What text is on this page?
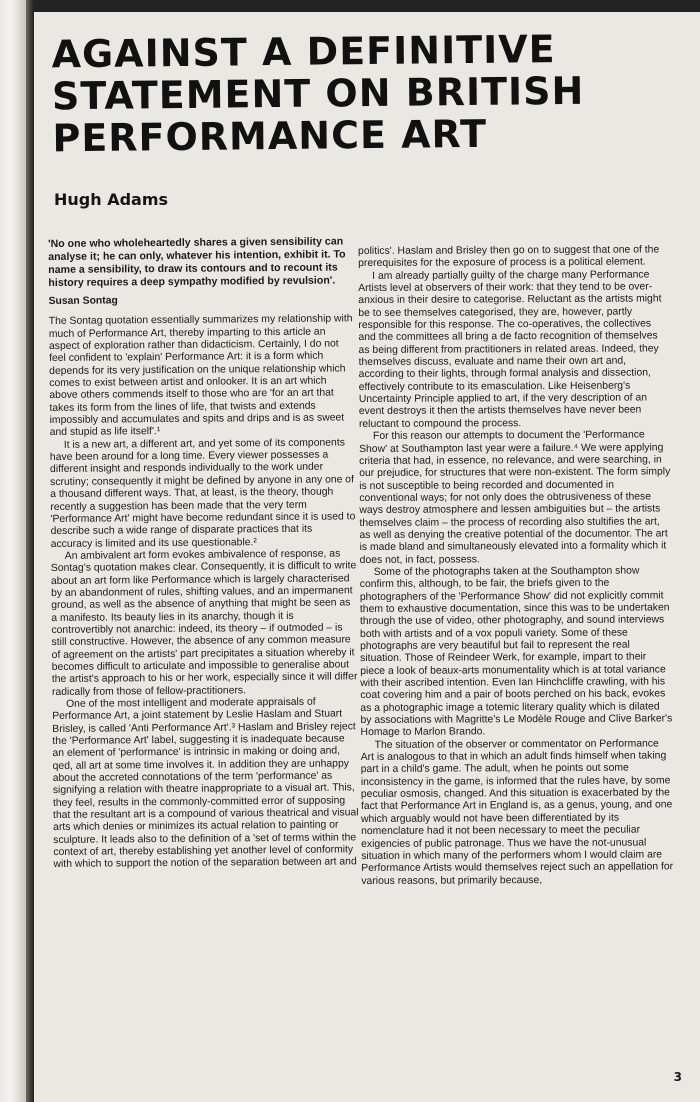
AGAINST A DEFINITIVE
STATEMENT ON BRITISH
PERFORMANCE ART
Hugh Adams

'No one who wholeheartedly shares a given sensibility can analyse it; he can only, whatever his intention, exhibit it. To name a sensibility, to draw its contours and to recount its history requires a deep sympathy modified by revulsion'.

Susan Sontag

The Sontag quotation essentially summarizes my relationship with much of Performance Art, thereby imparting to this article an aspect of exploration rather than didacticism. Certainly, I do not feel confident to 'explain' Performance Art: it is a form which depends for its very justification on the unique relationship which comes to exist between artist and onlooker. It is an art which above others commends itself to those who are 'for an art that takes its form from the lines of life, that twists and extends impossibly and accumulates and spits and drips and is as sweet and stupid as life itself'.¹

It is a new art, a different art, and yet some of its components have been around for a long time. Every viewer possesses a different insight and responds individually to the work under scrutiny; consequently it might be defined by anyone in any one of a thousand different ways. That, at least, is the theory, though recently a suggestion has been made that the very term 'Performance Art' might have become redundant since it is used to describe such a wide range of disparate practices that its accuracy is limited and its use questionable.²

An ambivalent art form evokes ambivalence of response, as Sontag's quotation makes clear. Consequently, it is difficult to write about an art form like Performance which is largely characterised by an abandonment of rules, shifting values, and an impermanent ground, as well as the absence of anything that might be seen as a manifesto. Its beauty lies in its anarchy, though it is controvertibly not anarchic: indeed, its theory – if outmoded – is still constructive. However, the absence of any common measure of agreement on the artists' part precipitates a situation whereby it becomes difficult to articulate and impossible to generalise about the artist's approach to his or her work, especially since it will differ radically from those of fellow-practitioners.

One of the most intelligent and moderate appraisals of Performance Art, a joint statement by Leslie Haslam and Stuart Brisley, is called 'Anti Performance Art'.³ Haslam and Brisley reject the 'Performance Art' label, suggesting it is inadequate because an element of 'performance' is intrinsic in making or doing and, qed, all art at some time involves it. In addition they are unhappy about the accreted connotations of the term 'performance' as signifying a relation with theatre inappropriate to a visual art. This, they feel, results in the commonly-committed error of supposing that the resultant art is a compound of various theatrical and visual arts which denies or minimizes its actual relation to painting or sculpture. It leads also to the definition of a 'set of terms within the context of art, thereby establishing yet another level of conformity with which to support the notion of the separation between art and

politics'. Haslam and Brisley then go on to suggest that one of the prerequisites for the exposure of process is a political element.

I am already partially guilty of the charge many Performance Artists level at observers of their work: that they tend to be over-anxious in their desire to categorise. Reluctant as the artists might be to see themselves categorised, they are, however, partly responsible for this response. The co-operatives, the collectives and the committees all bring a de facto recognition of themselves as being different from practitioners in related areas. Indeed, they themselves discuss, evaluate and name their own art and, according to their lights, through formal analysis and dissection, effectively contribute to its emasculation. Like Heisenberg's Uncertainty Principle applied to art, if the very description of an event destroys it then the artists themselves have never been reluctant to compound the process.

For this reason our attempts to document the 'Performance Show' at Southampton last year were a failure.⁴ We were applying criteria that had, in essence, no relevance, and were searching, in our prejudice, for structures that were non-existent. The form simply is not susceptible to being recorded and documented in conventional ways; for not only does the obtrusiveness of these ways destroy atmosphere and lessen ambiguities but – the artists themselves claim – the process of recording also stultifies the art, as well as denying the creative potential of the documentor. The art is made bland and simultaneously elevated into a formality which it does not, in fact, possess.

Some of the photographs taken at the Southampton show confirm this, although, to be fair, the briefs given to the photographers of the 'Performance Show' did not explicitly commit them to exhaustive documentation, since this was to be undertaken through the use of video, other photography, and sound interviews both with artists and of a vox populi variety. Some of these photographs are very beautiful but fail to represent the real situation. Those of Reindeer Werk, for example, impart to their piece a look of beaux-arts monumentality which is at total variance with their ascribed intention. Even Ian Hinchcliffe crawling, with his coat covering him and a pair of boots perched on his back, evokes as a photographic image a totemic literary quality which is dilated by associations with Magritte's Le Modèle Rouge and Clive Barker's Homage to Marlon Brando.

The situation of the observer or commentator on Performance Art is analogous to that in which an adult finds himself when taking part in a child's game. The adult, when he points out some inconsistency in the game, is informed that the rules have, by some peculiar osmosis, changed. And this situation is exacerbated by the fact that Performance Art in England is, as a genus, young, and one which arguably would not have been differentiated by its nomenclature had it not been necessary to meet the peculiar exigencies of public patronage. Thus we have the not-unusual situation in which many of the performers whom I would claim are Performance Artists would themselves reject such an appellation for various reasons, but primarily because,

3
